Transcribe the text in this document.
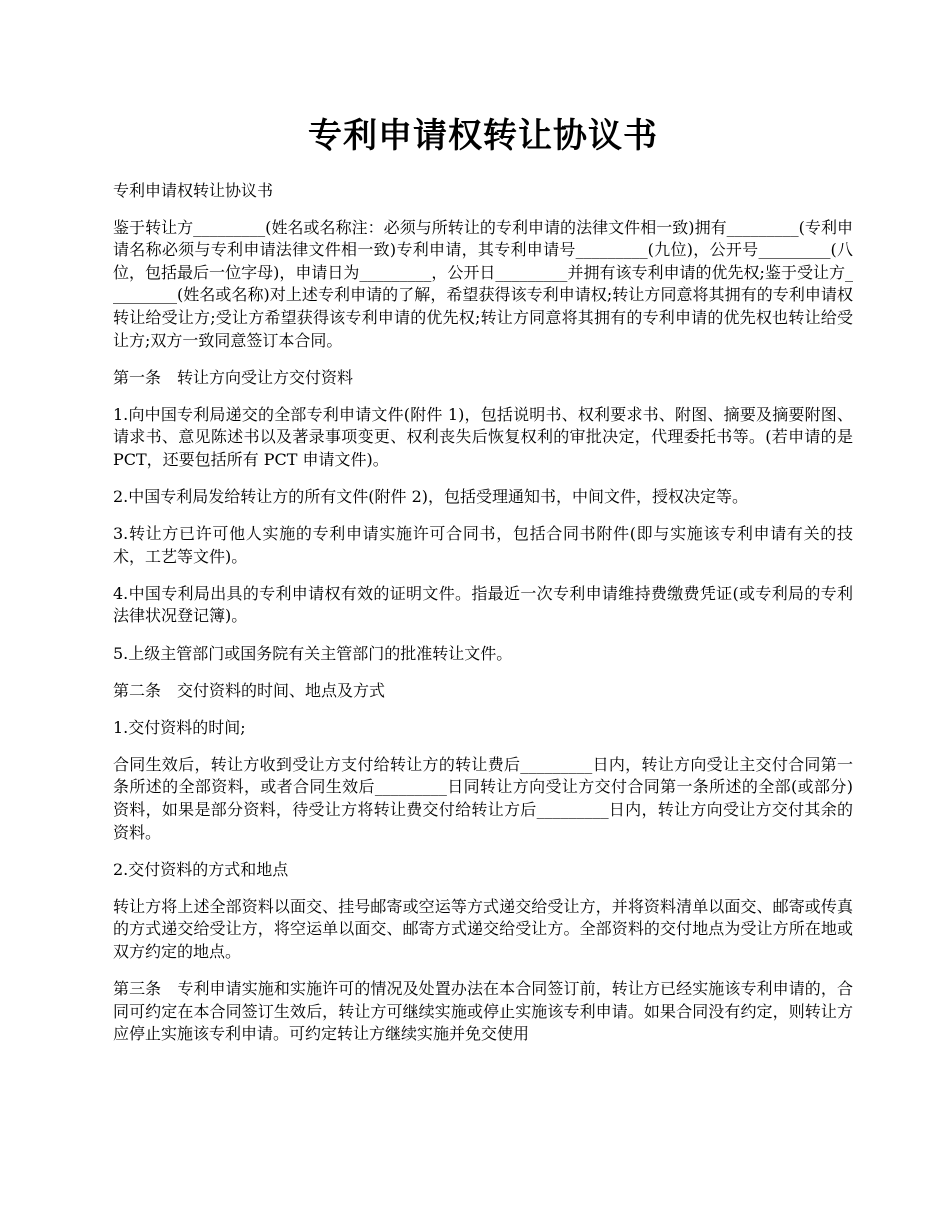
专利申请权转让协议书

专利申请权转让协议书

鉴于转让方_________(姓名或名称注：必须与所转让的专利申请的法律文件相一致)拥有_________(专利申请名称必须与专利申请法律文件相一致)专利申请，其专利申请号_________(九位)，公开号_________(八位，包括最后一位字母)，申请日为_________，公开日_________并拥有该专利申请的优先权;鉴于受让方_________(姓名或名称)对上述专利申请的了解，希望获得该专利申请权;转让方同意将其拥有的专利申请权转让给受让方;受让方希望获得该专利申请的优先权;转让方同意将其拥有的专利申请的优先权也转让给受让方;双方一致同意签订本合同。

第一条　转让方向受让方交付资料

1.向中国专利局递交的全部专利申请文件(附件 1)，包括说明书、权利要求书、附图、摘要及摘要附图、请求书、意见陈述书以及著录事项变更、权利丧失后恢复权利的审批决定，代理委托书等。(若申请的是 PCT，还要包括所有 PCT 申请文件)。

2.中国专利局发给转让方的所有文件(附件 2)，包括受理通知书，中间文件，授权决定等。

3.转让方已许可他人实施的专利申请实施许可合同书，包括合同书附件(即与实施该专利申请有关的技术，工艺等文件)。

4.中国专利局出具的专利申请权有效的证明文件。指最近一次专利申请维持费缴费凭证(或专利局的专利法律状况登记簿)。

5.上级主管部门或国务院有关主管部门的批准转让文件。

第二条　交付资料的时间、地点及方式

1.交付资料的时间;

合同生效后，转让方收到受让方支付给转让方的转让费后_________日内，转让方向受让主交付合同第一条所述的全部资料，或者合同生效后_________日同转让方向受让方交付合同第一条所述的全部(或部分)资料，如果是部分资料，待受让方将转让费交付给转让方后_________日内，转让方向受让方交付其余的资料。

2.交付资料的方式和地点

转让方将上述全部资料以面交、挂号邮寄或空运等方式递交给受让方，并将资料清单以面交、邮寄或传真的方式递交给受让方，将空运单以面交、邮寄方式递交给受让方。全部资料的交付地点为受让方所在地或双方约定的地点。

第三条　专利申请实施和实施许可的情况及处置办法在本合同签订前，转让方已经实施该专利申请的，合同可约定在本合同签订生效后，转让方可继续实施或停止实施该专利申请。如果合同没有约定，则转让方应停止实施该专利申请。可约定转让方继续实施并免交使用
